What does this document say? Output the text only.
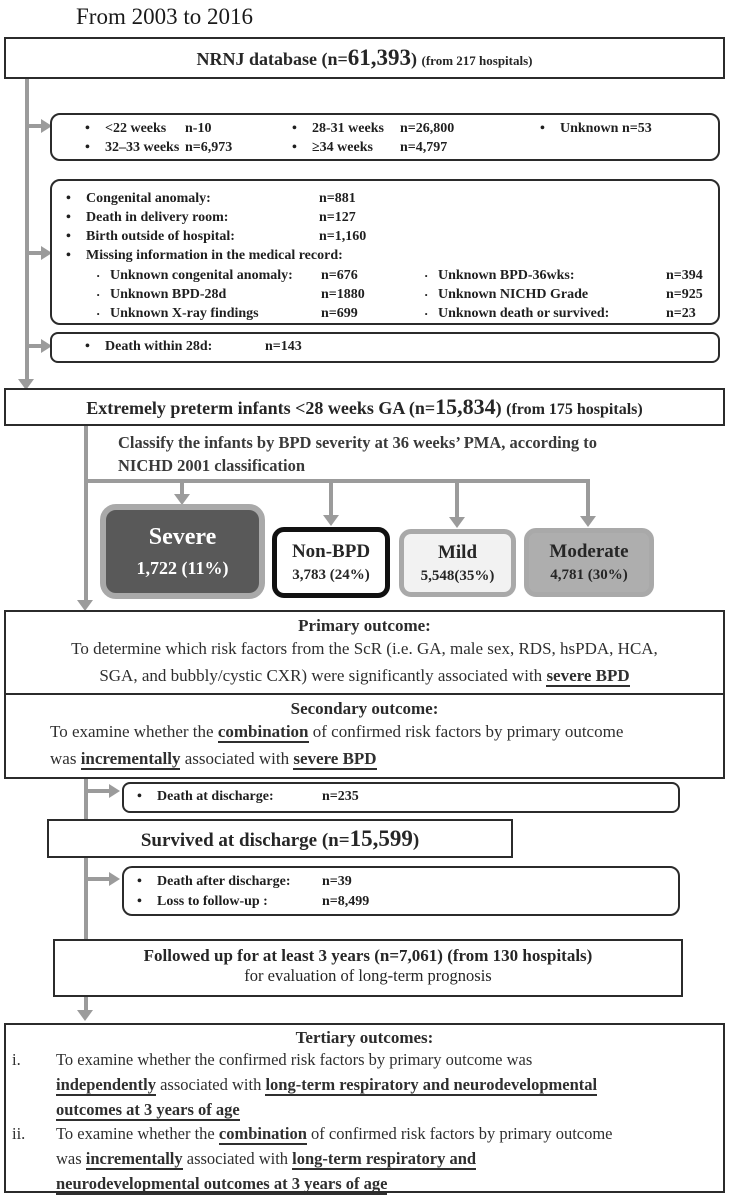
From 2003 to 2016
NRNJ database (n=61,393) (from 217 hospitals)
•	<22 weeks	n-10
•	32–33 weeks n=6,973
•	28-31 weeks	n=26,800
•	≥34 weeks	n=4,797
•	Unknown n=53
•	Congenital anomaly:	n=881
•	Death in delivery room:	n=127
•	Birth outside of hospital:	n=1,160
•	Missing information in the medical record:
· Unknown congenital anomaly:	n=676
· Unknown BPD-28d	n=1880
· Unknown X-ray findings	n=699
· Unknown BPD-36wks:	n=394
· Unknown NICHD Grade	n=925
· Unknown death or survived:	n=23
•	Death within 28d:	n=143
Extremely preterm infants <28 weeks GA (n=15,834) (from 175 hospitals)
Classify the infants by BPD severity at 36 weeks’ PMA, according to
NICHD 2001 classification
Severe
1,722 (11%)
Non-BPD
3,783 (24%)
Mild
5,548(35%)
Moderate
4,781 (30%)
Primary outcome:
To determine which risk factors from the ScR (i.e. GA, male sex, RDS, hsPDA, HCA,
SGA, and bubbly/cystic CXR) were significantly associated with severe BPD
Secondary outcome:
To examine whether the combination of confirmed risk factors by primary outcome
was incrementally associated with severe BPD
•	Death at discharge:	n=235
Survived at discharge (n=15,599)
•	Death after discharge:	n=39
•	Loss to follow-up :	n=8,499
Followed up for at least 3 years (n=7,061) (from 130 hospitals)
for evaluation of long-term prognosis
Tertiary outcomes:
i. To examine whether the confirmed risk factors by primary outcome was
independently associated with long-term respiratory and neurodevelopmental
outcomes at 3 years of age
ii. To examine whether the combination of confirmed risk factors by primary outcome
was incrementally associated with long-term respiratory and
neurodevelopmental outcomes at 3 years of age
